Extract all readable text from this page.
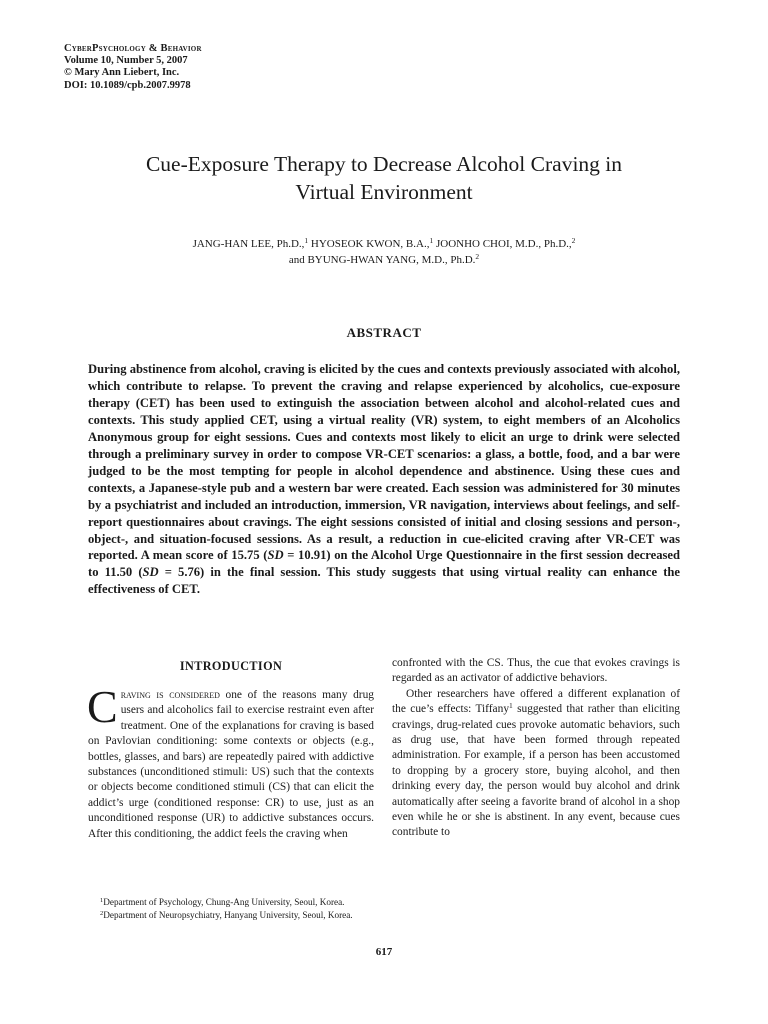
CyberPsychology & Behavior
Volume 10, Number 5, 2007
© Mary Ann Liebert, Inc.
DOI: 10.1089/cpb.2007.9978
Cue-Exposure Therapy to Decrease Alcohol Craving in
Virtual Environment
JANG-HAN LEE, Ph.D.,$^1$ HYOSEOK KWON, B.A.,$^1$ JOONHO CHOI, M.D., Ph.D.,$^2$
and BYUNG-HWAN YANG, M.D., Ph.D.$^2$
ABSTRACT

During abstinence from alcohol, craving is elicited by the cues and contexts previously associated with alcohol, which contribute to relapse. To prevent the craving and relapse experienced by alcoholics, cue-exposure therapy (CET) has been used to extinguish the association between alcohol and alcohol-related cues and contexts. This study applied CET, using a virtual reality (VR) system, to eight members of an Alcoholics Anonymous group for eight sessions. Cues and contexts most likely to elicit an urge to drink were selected through a preliminary survey in order to compose VR-CET scenarios: a glass, a bottle, food, and a bar were judged to be the most tempting for people in alcohol dependence and abstinence. Using these cues and contexts, a Japanese-style pub and a western bar were created. Each session was administered for 30 minutes by a psychiatrist and included an introduction, immersion, VR navigation, interviews about feelings, and self-report questionnaires about cravings. The eight sessions consisted of initial and closing sessions and person-, object-, and situation-focused sessions. As a result, a reduction in cue-elicited craving after VR-CET was reported. A mean score of 15.75 (SD = 10.91) on the Alcohol Urge Questionnaire in the first session decreased to 11.50 (SD = 5.76) in the final session. This study suggests that using virtual reality can enhance the effectiveness of CET.

INTRODUCTION

Craving is considered one of the reasons many drug users and alcoholics fail to exercise restraint even after treatment. One of the explanations for craving is based on Pavlovian conditioning: some contexts or objects (e.g., bottles, glasses, and bars) are repeatedly paired with addictive substances (unconditioned stimuli: US) such that the contexts or objects become conditioned stimuli (CS) that can elicit the addict’s urge (conditioned response: CR) to use, just as an unconditioned response (UR) to addictive substances occurs. After this conditioning, the addict feels the craving when

confronted with the CS. Thus, the cue that evokes cravings is regarded as an activator of addictive behaviors.

Other researchers have offered a different explanation of the cue’s effects: Tiffany$^1$ suggested that rather than eliciting cravings, drug-related cues provoke automatic behaviors, such as drug use, that have been formed through repeated administration. For example, if a person has been accustomed to dropping by a grocery store, buying alcohol, and then drinking every day, the person would buy alcohol and drink automatically after seeing a favorite brand of alcohol in a shop even while he or she is abstinent. In any event, because cues contribute to

$^1$Department of Psychology, Chung-Ang University, Seoul, Korea.
$^2$Department of Neuropsychiatry, Hanyang University, Seoul, Korea.
617
